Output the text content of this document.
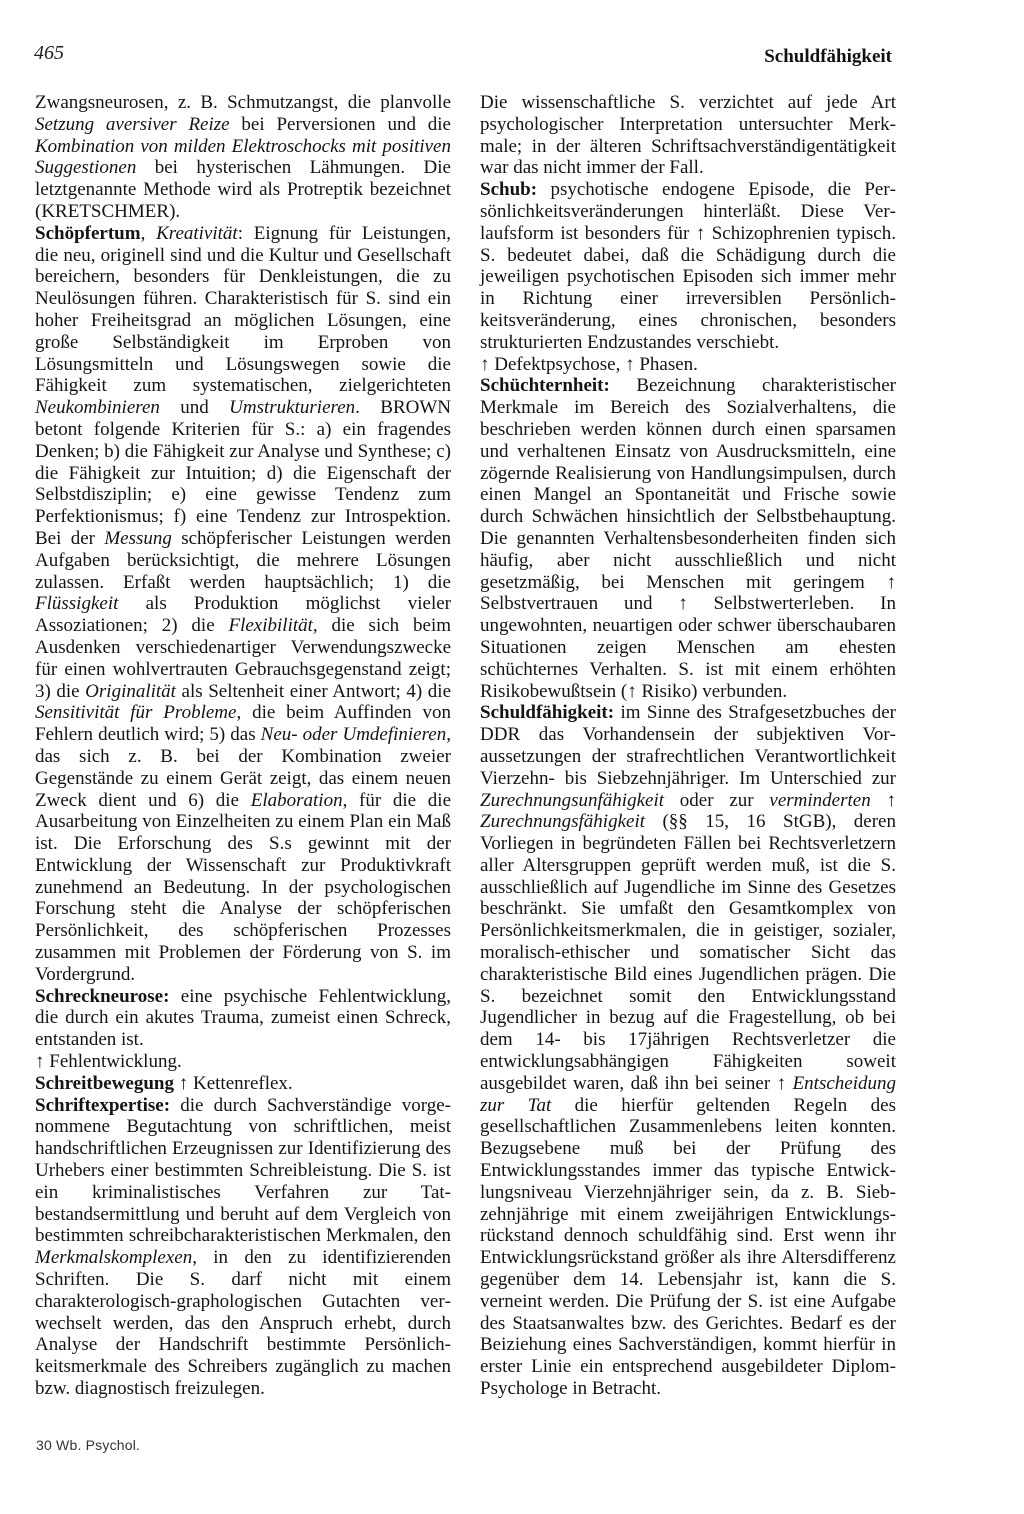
465	Schuldfähigkeit

Zwangsneurosen, z. B. Schmutzangst, die planvolle Setzung aversiver Reize bei Perversionen und die Kombination von milden Elektroschocks mit positiven Suggestionen bei hysterischen Lähmungen. Die letztgenannte Methode wird als Protreptik bezeichnet (KRETSCHMER).

Schöpfertum, Kreativität: Eignung für Leistungen, die neu, originell sind und die Kultur und Gesellschaft bereichern, besonders für Denkleistungen, die zu Neulösungen führen. Charakteristisch für S. sind ein hoher Freiheitsgrad an möglichen Lösungen, eine große Selbständigkeit im Erproben von Lösungsmitteln und Lösungswegen sowie die Fähigkeit zum systematischen, zielgerichteten Neukombinieren und Umstrukturieren. BROWN betont folgende Kriterien für S.: a) ein fragendes Denken; b) die Fähigkeit zur Analyse und Synthese; c) die Fähigkeit zur Intuition; d) die Eigenschaft der Selbstdisziplin; e) eine gewisse Tendenz zum Perfektionismus; f) eine Tendenz zur Introspektion. Bei der Messung schöpferischer Leistungen werden Aufgaben berücksichtigt, die mehrere Lösungen zulassen. Erfaßt werden hauptsächlich; 1) die Flüssigkeit als Produktion möglichst vieler Assoziationen; 2) die Flexibilität, die sich beim Ausdenken verschiedenartiger Verwendungszwecke für einen wohlvertrauten Gebrauchsgegenstand zeigt; 3) die Originalität als Seltenheit einer Antwort; 4) die Sensitivität für Probleme, die beim Auffinden von Fehlern deutlich wird; 5) das Neu- oder Umdefinieren, das sich z. B. bei der Kombination zweier Gegenstände zu einem Gerät zeigt, das einem neuen Zweck dient und 6) die Elaboration, für die die Ausarbeitung von Einzelheiten zu einem Plan ein Maß ist. Die Erforschung des S.s gewinnt mit der Entwicklung der Wissenschaft zur Produktivkraft zunehmend an Bedeutung. In der psychologischen Forschung steht die Analyse der schöpferischen Persönlichkeit, des schöpferischen Prozesses zusammen mit Problemen der Förderung von S. im Vordergrund.

Schreckneurose: eine psychische Fehlentwicklung, die durch ein akutes Trauma, zumeist einen Schreck, entstanden ist.

↑ Fehlentwicklung.

Schreitbewegung ↑ Kettenreflex.

Schriftexpertise: die durch Sachverständige vorgenommene Begutachtung von schriftlichen, meist handschriftlichen Erzeugnissen zur Identifizierung des Urhebers einer bestimmten Schreibleistung. Die S. ist ein kriminalistisches Verfahren zur Tatbestandsermittlung und beruht auf dem Vergleich von bestimmten schreibcharakteristischen Merkmalen, den Merkmalskomplexen, in den zu identifizierenden Schriften. Die S. darf nicht mit einem charakterologisch-graphologischen Gutachten verwechselt werden, das den Anspruch erhebt, durch Analyse der Handschrift bestimmte Persönlichkeitsmerkmale des Schreibers zugänglich zu machen bzw. diagnostisch freizulegen.

Die wissenschaftliche S. verzichtet auf jede Art psychologischer Interpretation untersuchter Merkmale; in der älteren Schriftsachverständigentätigkeit war das nicht immer der Fall.

Schub: psychotische endogene Episode, die Persönlichkeitsveränderungen hinterläßt. Diese Verlaufsform ist besonders für ↑ Schizophrenien typisch. S. bedeutet dabei, daß die Schädigung durch die jeweiligen psychotischen Episoden sich immer mehr in Richtung einer irreversiblen Persönlichkeitsveränderung, eines chronischen, besonders strukturierten Endzustandes verschiebt.

↑ Defektpsychose, ↑ Phasen.

Schüchternheit: Bezeichnung charakteristischer Merkmale im Bereich des Sozialverhaltens, die beschrieben werden können durch einen sparsamen und verhaltenen Einsatz von Ausdrucksmitteln, eine zögernde Realisierung von Handlungsimpulsen, durch einen Mangel an Spontaneität und Frische sowie durch Schwächen hinsichtlich der Selbstbehauptung. Die genannten Verhaltensbesonderheiten finden sich häufig, aber nicht ausschließlich und nicht gesetzmäßig, bei Menschen mit geringem ↑ Selbstvertrauen und ↑ Selbstwerterleben. In ungewohnten, neuartigen oder schwer überschaubaren Situationen zeigen Menschen am ehesten schüchternes Verhalten. S. ist mit einem erhöhten Risikobewußtsein (↑ Risiko) verbunden.

Schuldfähigkeit: im Sinne des Strafgesetzbuches der DDR das Vorhandensein der subjektiven Voraussetzungen der strafrechtlichen Verantwortlichkeit Vierzehn- bis Siebzehnjähriger. Im Unterschied zur Zurechnungsunfähigkeit oder zur verminderten ↑ Zurechnungsfähigkeit (§§ 15, 16 StGB), deren Vorliegen in begründeten Fällen bei Rechtsverletzern aller Altersgruppen geprüft werden muß, ist die S. ausschließlich auf Jugendliche im Sinne des Gesetzes beschränkt. Sie umfaßt den Gesamtkomplex von Persönlichkeitsmerkmalen, die in geistiger, sozialer, moralisch-ethischer und somatischer Sicht das charakteristische Bild eines Jugendlichen prägen. Die S. bezeichnet somit den Entwicklungsstand Jugendlicher in bezug auf die Fragestellung, ob bei dem 14- bis 17jährigen Rechtsverletzer die entwicklungsabhängigen Fähigkeiten soweit ausgebildet waren, daß ihn bei seiner ↑ Entscheidung zur Tat die hierfür geltenden Regeln des gesellschaftlichen Zusammenlebens leiten konnten. Bezugsebene muß bei der Prüfung des Entwicklungsstandes immer das typische Entwicklungsniveau Vierzehnjähriger sein, da z. B. Siebzehnjährige mit einem zweijährigen Entwicklungsrückstand dennoch schuldfähig sind. Erst wenn ihr Entwicklungsrückstand größer als ihre Altersdifferenz gegenüber dem 14. Lebensjahr ist, kann die S. verneint werden. Die Prüfung der S. ist eine Aufgabe des Staatsanwaltes bzw. des Gerichtes. Bedarf es der Beiziehung eines Sachverständigen, kommt hierfür in erster Linie ein entsprechend ausgebildeter Diplom-Psychologe in Betracht.

30 Wb. Psychol.
